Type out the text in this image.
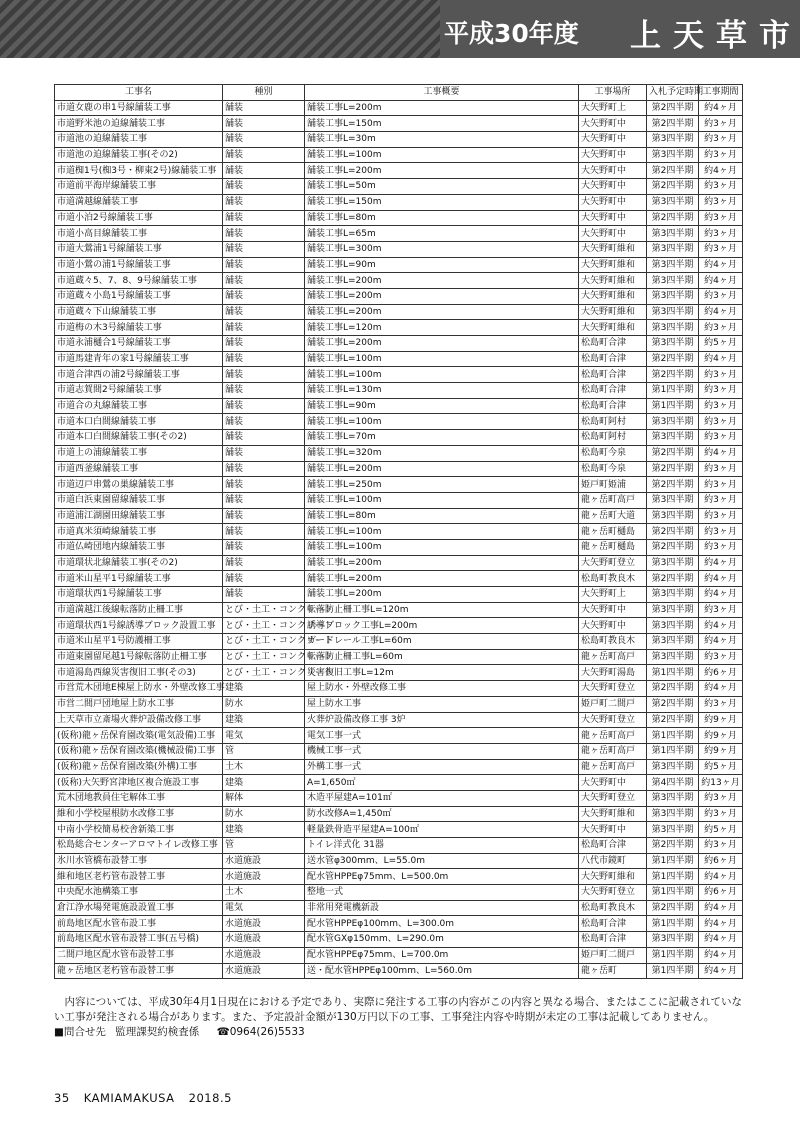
平成30年度 上天草市
工事名	種別	工事概要	工事場所	入札予定時期	工事期間
市道女鹿の串1号線舗装工事	舗装	舗装工事L=200m	大矢野町上	第2四半期	約4ヶ月
市道野米池の迫線舗装工事	舗装	舗装工事L=150m	大矢野町中	第2四半期	約3ヶ月
市道池の迫線舗装工事	舗装	舗装工事L=30m	大矢野町中	第3四半期	約3ヶ月
市道池の迫線舗装工事(その2)	舗装	舗装工事L=100m	大矢野町中	第3四半期	約3ヶ月
市道椥1号(椥3号・柳東2号)線舗装工事	舗装	舗装工事L=200m	大矢野町中	第2四半期	約4ヶ月
市道前平海岸線舗装工事	舗装	舗装工事L=50m	大矢野町中	第2四半期	約3ヶ月
市道満越線舗装工事	舗装	舗装工事L=150m	大矢野町中	第3四半期	約3ヶ月
市道小泊2号線舗装工事	舗装	舗装工事L=80m	大矢野町中	第2四半期	約3ヶ月
市道小高目線舗装工事	舗装	舗装工事L=65m	大矢野町中	第3四半期	約3ヶ月
市道大鶯浦1号線舗装工事	舗装	舗装工事L=300m	大矢野町維和	第3四半期	約3ヶ月
市道小鶯の浦1号線舗装工事	舗装	舗装工事L=90m	大矢野町維和	第3四半期	約4ヶ月
市道蔵々5、7、8、9号線舗装工事	舗装	舗装工事L=200m	大矢野町維和	第3四半期	約4ヶ月
市道蔵々小島1号線舗装工事	舗装	舗装工事L=200m	大矢野町維和	第3四半期	約3ヶ月
市道蔵々下山線舗装工事	舗装	舗装工事L=200m	大矢野町維和	第3四半期	約4ヶ月
市道梅の木3号線舗装工事	舗装	舗装工事L=120m	大矢野町維和	第3四半期	約3ヶ月
市道永浦樋合1号線舗装工事	舗装	舗装工事L=200m	松島町合津	第3四半期	約5ヶ月
市道馬建青年の家1号線舗装工事	舗装	舗装工事L=100m	松島町合津	第2四半期	約4ヶ月
市道合津西の浦2号線舗装工事	舗装	舗装工事L=100m	松島町合津	第2四半期	約3ヶ月
市道志賀間2号線舗装工事	舗装	舗装工事L=130m	松島町合津	第1四半期	約3ヶ月
市道合の丸線舗装工事	舗装	舗装工事L=90m	松島町合津	第1四半期	約3ヶ月
市道本口白間線舗装工事	舗装	舗装工事L=100m	松島町阿村	第3四半期	約3ヶ月
市道本口白間線舗装工事(その2)	舗装	舗装工事L=70m	松島町阿村	第3四半期	約3ヶ月
市道上の浦線舗装工事	舗装	舗装工事L=320m	松島町今泉	第2四半期	約4ヶ月
市道西釜線舗装工事	舗装	舗装工事L=200m	松島町今泉	第2四半期	約3ヶ月
市道辺戸串鶯の巣線舗装工事	舗装	舗装工事L=250m	姫戸町姫浦	第2四半期	約3ヶ月
市道白浜東園留線舗装工事	舗装	舗装工事L=100m	龍ヶ岳町高戸	第3四半期	約3ヶ月
市道浦江湖園田線舗装工事	舗装	舗装工事L=80m	龍ヶ岳町大道	第3四半期	約3ヶ月
市道真米須崎線舗装工事	舗装	舗装工事L=100m	龍ヶ岳町樋島	第2四半期	約3ヶ月
市道仏崎団地内線舗装工事	舗装	舗装工事L=100m	龍ヶ岳町樋島	第2四半期	約3ヶ月
市道環状北線舗装工事(その2)	舗装	舗装工事L=200m	大矢野町登立	第3四半期	約4ヶ月
市道米山星平1号線舗装工事	舗装	舗装工事L=200m	松島町教良木	第2四半期	約4ヶ月
市道環状西1号線舗装工事	舗装	舗装工事L=200m	大矢野町上	第3四半期	約4ヶ月
市道満越江後線転落防止柵工事	とび・土工・コンクリート	転落防止柵工事L=120m	大矢野町中	第3四半期	約3ヶ月
市道環状西1号線誘導ブロック設置工事	とび・土工・コンクリート	誘導ブロック工事L=200m	大矢野町中	第3四半期	約4ヶ月
市道米山星平1号防護柵工事	とび・土工・コンクリート	ガードレール工事L=60m	松島町教良木	第3四半期	約4ヶ月
市道東園留尾越1号線転落防止柵工事	とび・土工・コンクリート	転落防止柵工事L=60m	龍ヶ岳町高戸	第3四半期	約3ヶ月
市道湯島西線災害復旧工事(その3)	とび・土工・コンクリート	災害復旧工事L=12m	大矢野町湯島	第1四半期	約6ヶ月
市営荒木団地E棟屋上防水・外壁改修工事	建築	屋上防水・外壁改修工事	大矢野町登立	第2四半期	約4ヶ月
市営二間戸団地屋上防水工事	防水	屋上防水工事	姫戸町二間戸	第2四半期	約3ヶ月
上天草市立斎場火葬炉設備改修工事	建築	火葬炉設備改修工事 3炉	大矢野町登立	第2四半期	約9ヶ月
(仮称)龍ヶ岳保育園改築(電気設備)工事	電気	電気工事一式	龍ヶ岳町高戸	第1四半期	約9ヶ月
(仮称)龍ヶ岳保育園改築(機械設備)工事	管	機械工事一式	龍ヶ岳町高戸	第1四半期	約9ヶ月
(仮称)龍ヶ岳保育園改築(外構)工事	土木	外構工事一式	龍ヶ岳町高戸	第3四半期	約5ヶ月
(仮称)大矢野宮津地区複合施設工事	建築	A=1,650㎡	大矢野町中	第4四半期	約13ヶ月
荒木団地教員住宅解体工事	解体	木造平屋建A=101㎡	大矢野町登立	第3四半期	約3ヶ月
維和小学校屋根防水改修工事	防水	防水改修A=1,450㎡	大矢野町維和	第3四半期	約3ヶ月
中南小学校簡易校舎新築工事	建築	軽量鉄骨造平屋建A=100㎡	大矢野町中	第3四半期	約5ヶ月
松島総合センターアロマトイレ改修工事	管	トイレ洋式化 31器	松島町合津	第2四半期	約3ヶ月
氷川水管橋布設替工事	水道施設	送水管φ300mm、L=55.0m	八代市鏡町	第1四半期	約6ヶ月
維和地区老朽管布設替工事	水道施設	配水管HPPEφ75mm、L=500.0m	大矢野町維和	第1四半期	約4ヶ月
中央配水池構築工事	土木	整地一式	大矢野町登立	第1四半期	約6ヶ月
倉江浄水場発電施設設置工事	電気	非常用発電機新設	松島町教良木	第2四半期	約4ヶ月
前島地区配水管布設工事	水道施設	配水管HPPEφ100mm、L=300.0m	松島町合津	第1四半期	約4ヶ月
前島地区配水管布設替工事(五号橋)	水道施設	配水管GXφ150mm、L=290.0m	松島町合津	第3四半期	約4ヶ月
二間戸地区配水管布設替工事	水道施設	配水管HPPEφ75mm、L=700.0m	姫戸町二間戸	第1四半期	約4ヶ月
龍ヶ岳地区老朽管布設替工事	水道施設	送・配水管HPPEφ100mm、L=560.0m	龍ヶ岳町	第1四半期	約4ヶ月

内容については、平成30年4月1日現在における予定であり、実際に発注する工事の内容がこの内容と異なる場合、またはここに記載されていない工事が発注される場合があります。また、予定設計金額が130万円以下の工事、工事発注内容や時期が未定の工事は記載してありません。

■問合せ先 監理課契約検査係 ☎0964(26)5533

35 KAMIAMAKUSA 2018.5
